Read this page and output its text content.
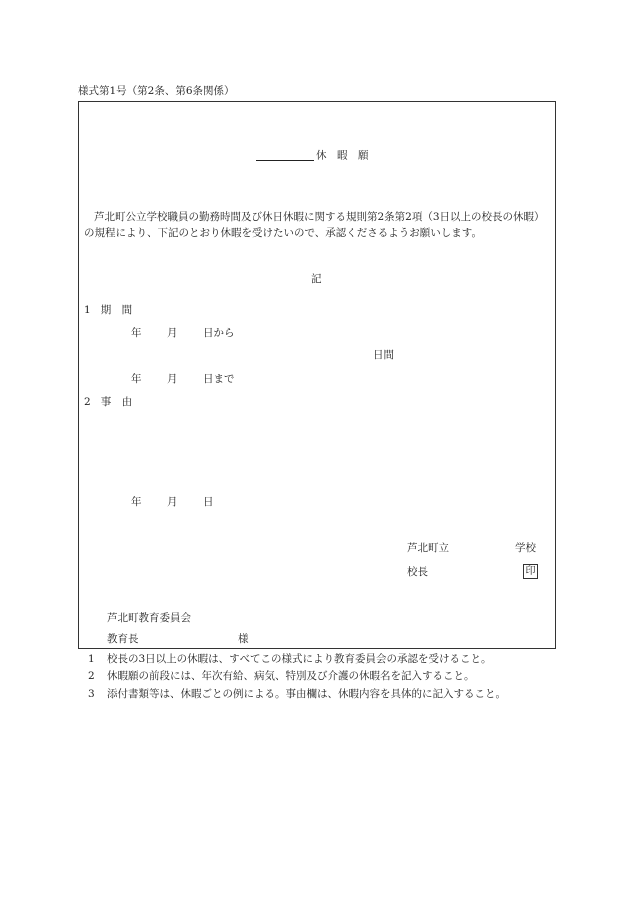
様式第1号（第2条、第6条関係）
休　暇　願
芦北町公立学校職員の勤務時間及び休日休暇に関する規則第2条第2項（3日以上の校長の休暇）の規程により、下記のとおり休暇を受けたいので、承認くださるようお願いします。
記
1 期　間
年 月 日から
日間
年 月 日まで
2 事　由
年 月 日
芦北町立	学校
校長	印
芦北町教育委員会
教育長	様
1 校長の3日以上の休暇は、すべてこの様式により教育委員会の承認を受けること。
2 休暇願の前段には、年次有給、病気、特別及び介護の休暇名を記入すること。
3 添付書類等は、休暇ごとの例による。事由欄は、休暇内容を具体的に記入すること。
